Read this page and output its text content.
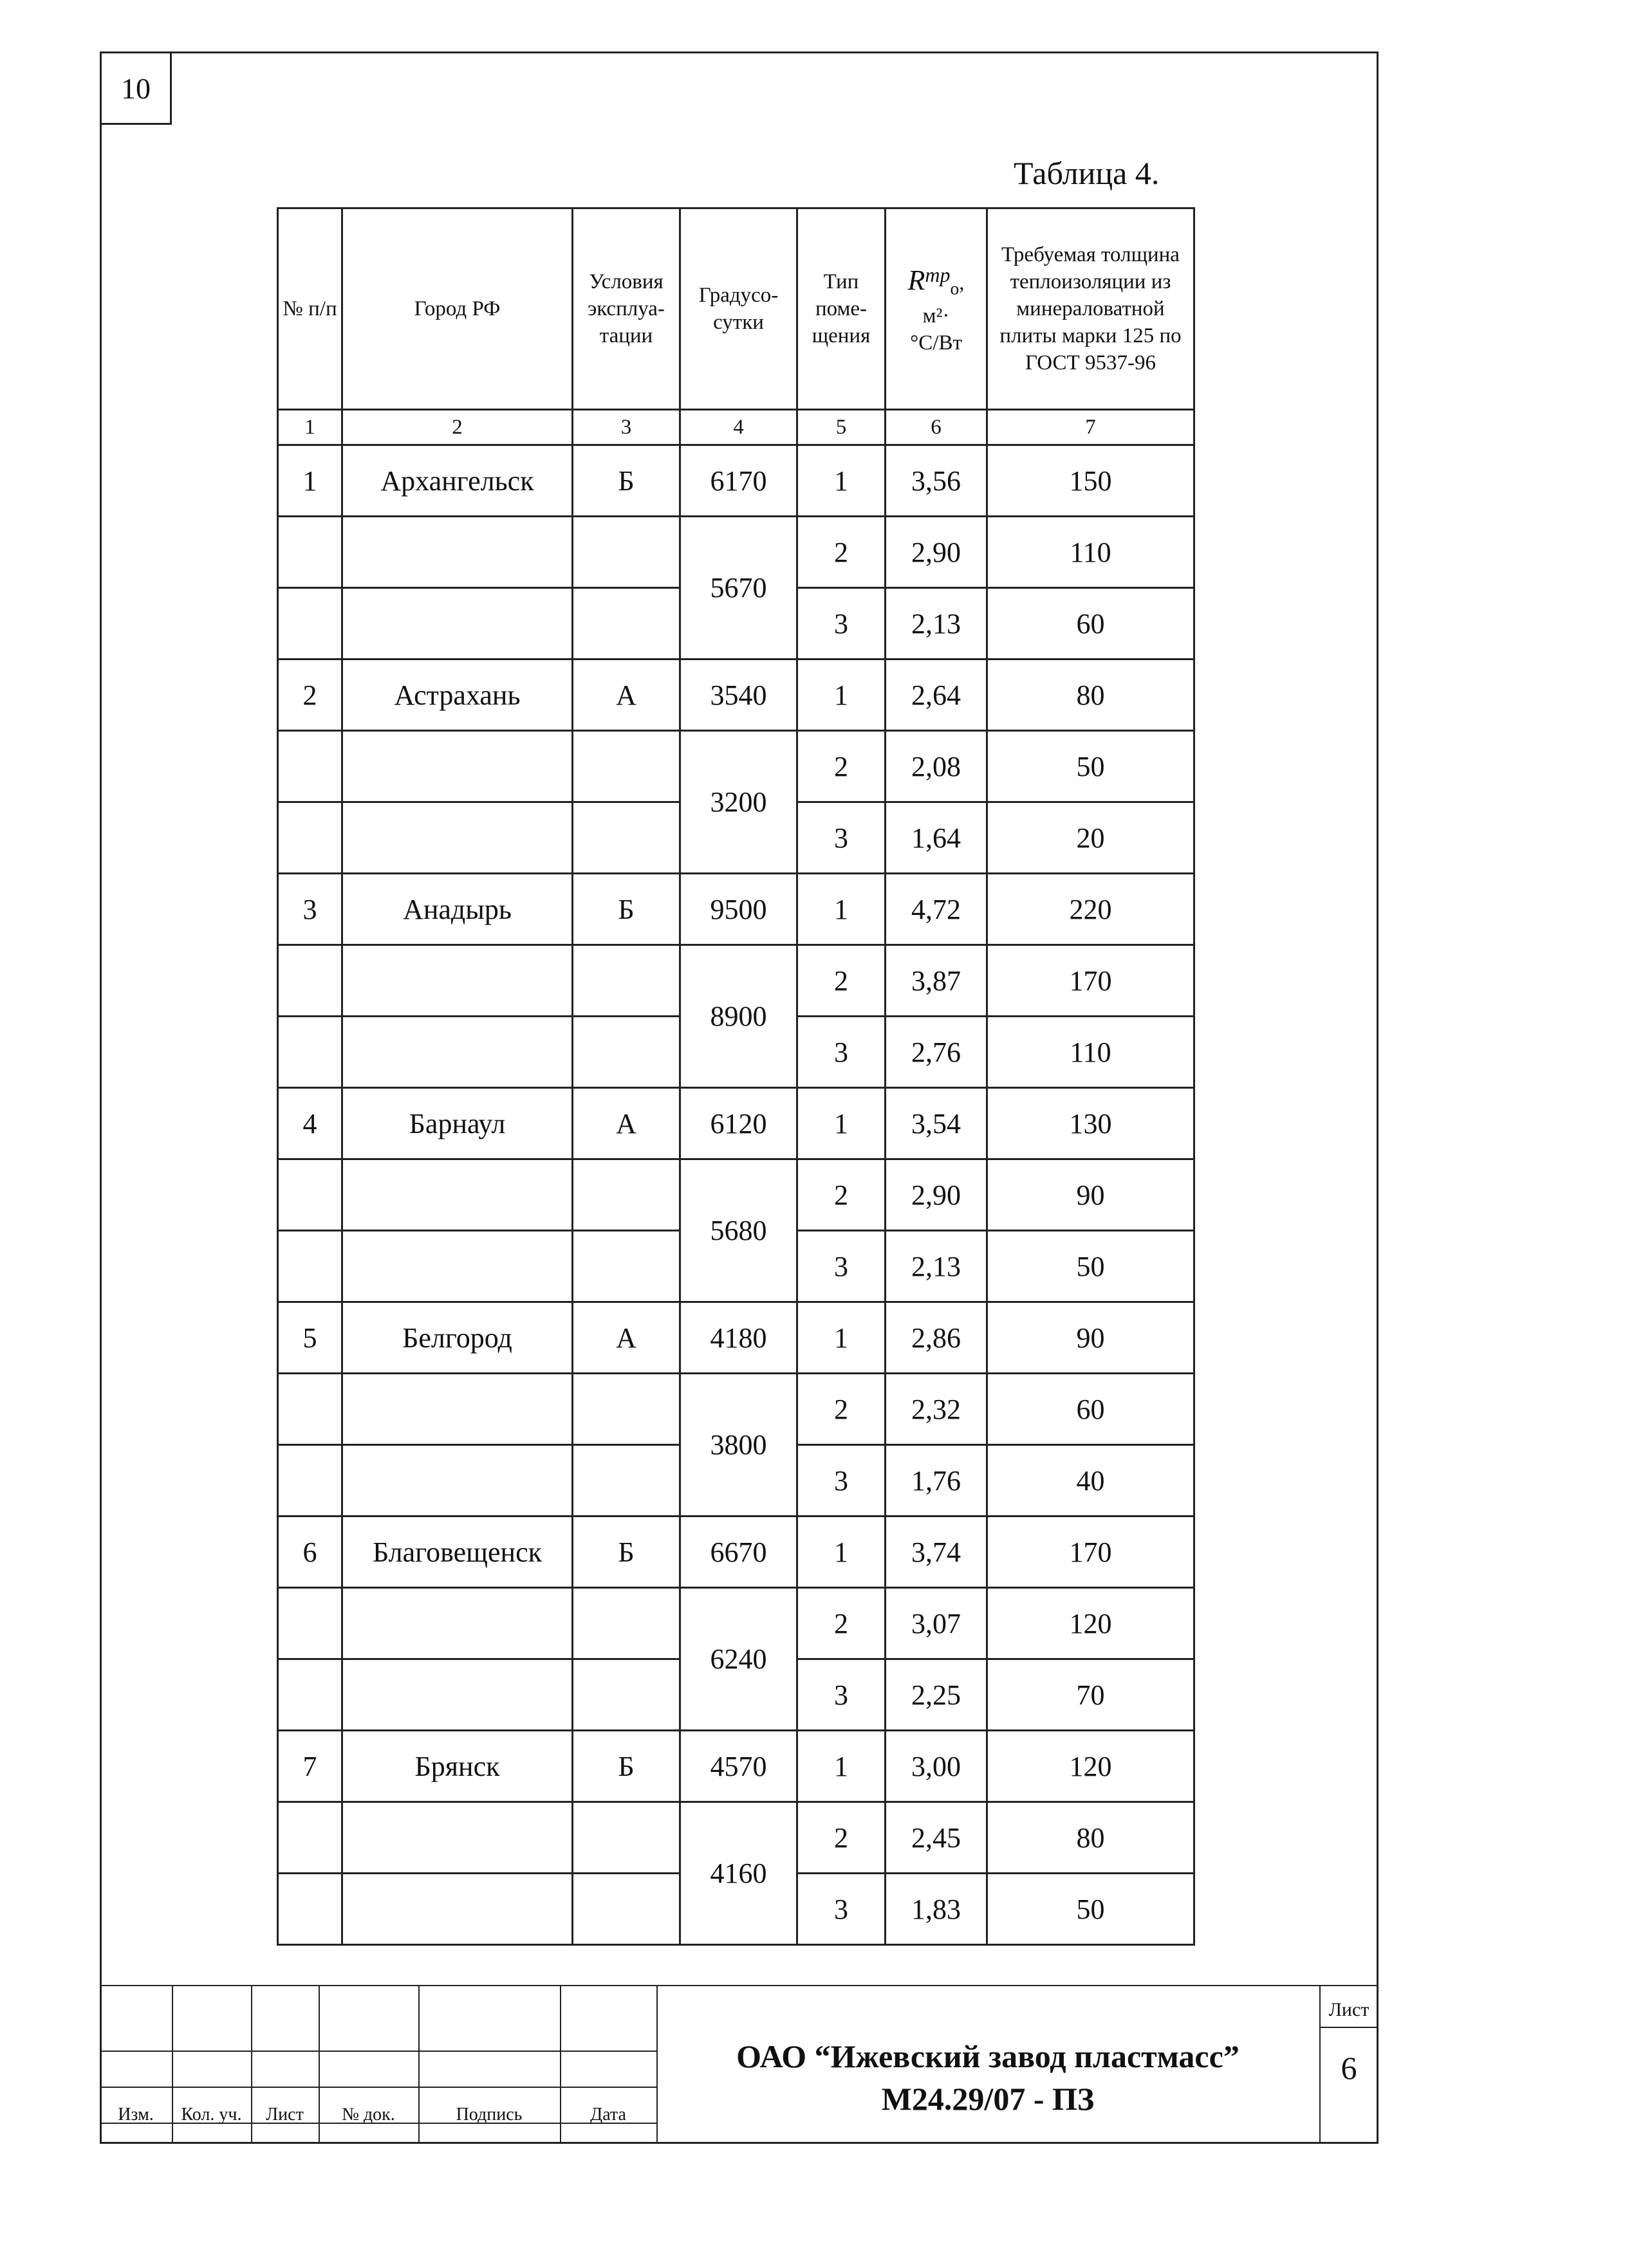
10
Таблица 4.
№ п/п	Город РФ	Условия эксплуа-тации	Градусо-сутки	Тип поме-щения	$R^{тр}_о$,
м²·
°С/Вт	Требуемая толщина теплоизоляции из минераловатной плиты марки 125 по ГОСТ 9537-96
1	2	3	4	5	6	7
1	Архангельск	Б	6170	1	3,56	150
			5670	2	2,90	110
				3	2,13	60
2	Астрахань	А	3540	1	2,64	80
			3200	2	2,08	50
				3	1,64	20
3	Анадырь	Б	9500	1	4,72	220
			8900	2	3,87	170
				3	2,76	110
4	Барнаул	А	6120	1	3,54	130
			5680	2	2,90	90
				3	2,13	50
5	Белгород	А	4180	1	2,86	90
			3800	2	2,32	60
				3	1,76	40
6	Благовещенск	Б	6670	1	3,74	170
			6240	2	3,07	120
				3	2,25	70
7	Брянск	Б	4570	1	3,00	120
			4160	2	2,45	80
				3	1,83	50
Изм.	Кол. уч.	Лист	№ док.	Подпись	Дата
ОАО “Ижевский завод пластмасс”
М24.29/07 - ПЗ
Лист
6
